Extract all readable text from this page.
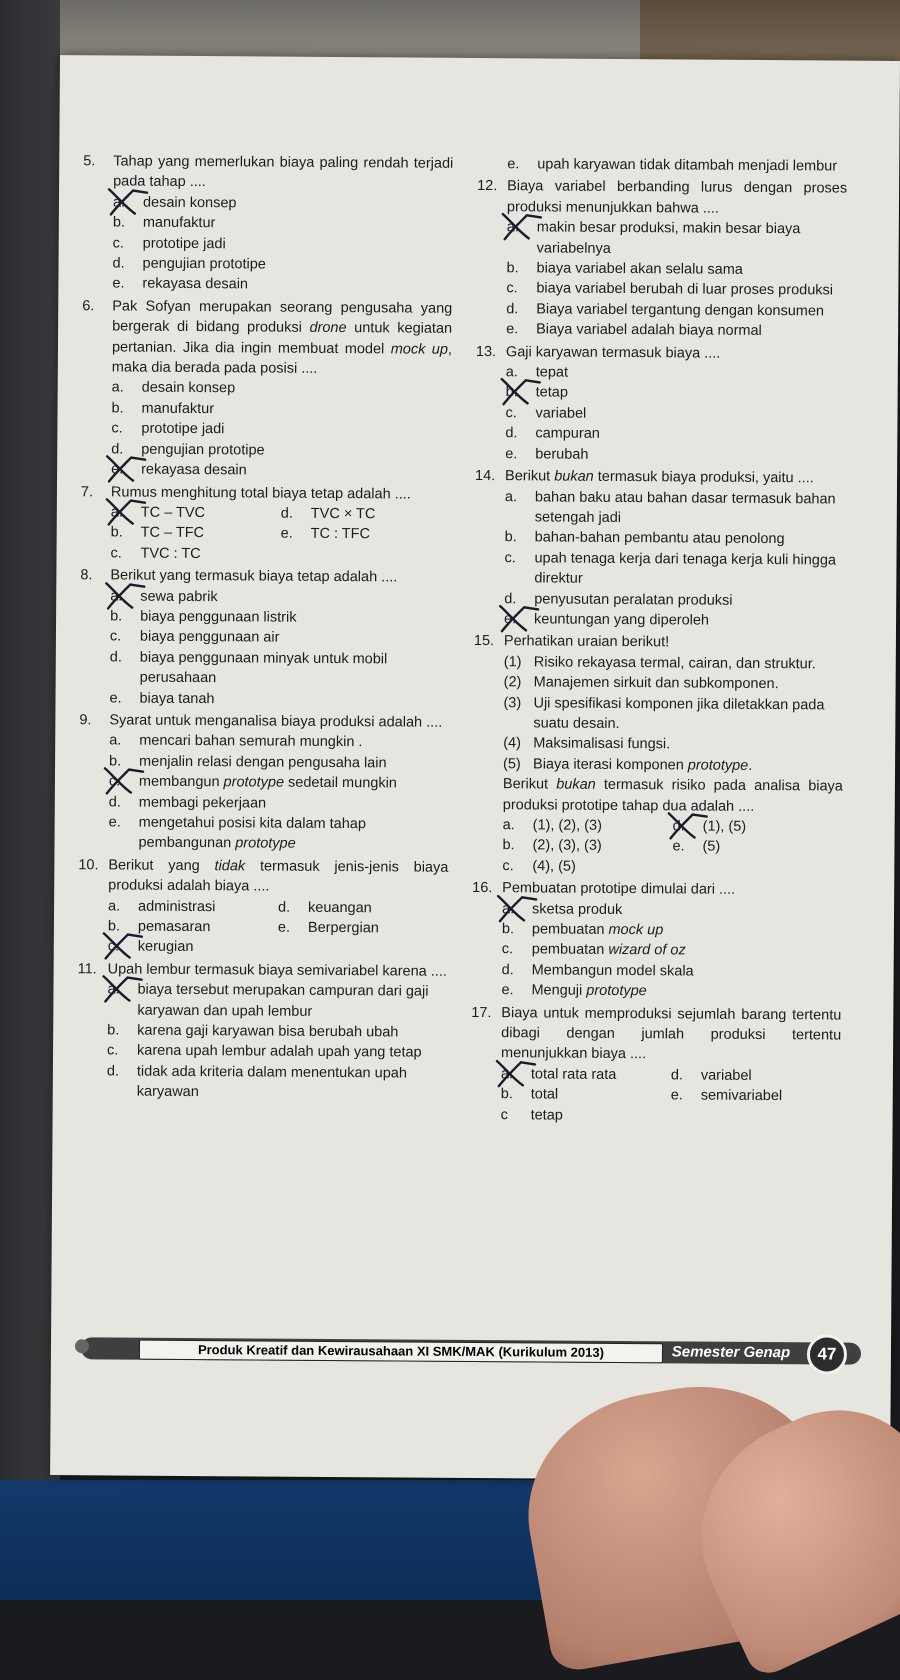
5.	Tahap yang memerlukan biaya paling rendah terjadi pada tahap ....
a.	desain konsep
b.	manufaktur
c.	prototipe jadi
d.	pengujian prototipe
e.	rekayasa desain
6.	Pak Sofyan merupakan seorang pengusaha yang bergerak di bidang produksi drone untuk kegiatan pertanian. Jika dia ingin membuat model mock up, maka dia berada pada posisi ....
a.	desain konsep
b.	manufaktur
c.	prototipe jadi
d.	pengujian prototipe
e.	rekayasa desain
7.	Rumus menghitung total biaya tetap adalah ....
a.	TC – TVC	d.	TVC × TC
b.	TC – TFC	e.	TC : TFC
c.	TVC : TC
8.	Berikut yang termasuk biaya tetap adalah ....
a.	sewa pabrik
b.	biaya penggunaan listrik
c.	biaya penggunaan air
d.	biaya penggunaan minyak untuk mobil perusahaan
e.	biaya tanah
9.	Syarat untuk menganalisa biaya produksi adalah ....
a.	mencari bahan semurah mungkin .
b.	menjalin relasi dengan pengusaha lain
c.	membangun prototype sedetail mungkin
d.	membagi pekerjaan
e.	mengetahui posisi kita dalam tahap pembangunan prototype
10. Berikut yang tidak termasuk jenis-jenis biaya produksi adalah biaya ....
a.	administrasi	d.	keuangan
b.	pemasaran	e.	Berpergian
c.	kerugian
11. Upah lembur termasuk biaya semivariabel karena ....
a.	biaya tersebut merupakan campuran dari gaji karyawan dan upah lembur
b.	karena gaji karyawan bisa berubah ubah
c.	karena upah lembur adalah upah yang tetap
d.	tidak ada kriteria dalam menentukan upah karyawan
e.	upah karyawan tidak ditambah menjadi lembur
12. Biaya variabel berbanding lurus dengan proses produksi menunjukkan bahwa ....
a.	makin besar produksi, makin besar biaya variabelnya
b.	biaya variabel akan selalu sama
c.	biaya variabel berubah di luar proses produksi
d.	Biaya variabel tergantung dengan konsumen
e.	Biaya variabel adalah biaya normal
13. Gaji karyawan termasuk biaya ....
a.	tepat
b.	tetap
c.	variabel
d.	campuran
e.	berubah
14. Berikut bukan termasuk biaya produksi, yaitu ....
a.	bahan baku atau bahan dasar termasuk bahan setengah jadi
b.	bahan-bahan pembantu atau penolong
c.	upah tenaga kerja dari tenaga kerja kuli hingga direktur
d.	penyusutan peralatan produksi
e.	keuntungan yang diperoleh
15. Perhatikan uraian berikut!
(1) Risiko rekayasa termal, cairan, dan struktur.
(2) Manajemen sirkuit dan subkomponen.
(3) Uji spesifikasi komponen jika diletakkan pada suatu desain.
(4) Maksimalisasi fungsi.
(5) Biaya iterasi komponen prototype.
Berikut bukan termasuk risiko pada analisa biaya produksi prototipe tahap dua adalah ....
a.	(1), (2), (3)	d.	(1), (5)
b.	(2), (3), (3)	e.	(5)
c.	(4), (5)
16. Pembuatan prototipe dimulai dari ....
a.	sketsa produk
b.	pembuatan mock up
c.	pembuatan wizard of oz
d.	Membangun model skala
e.	Menguji prototype
17. Biaya untuk memproduksi sejumlah barang tertentu dibagi dengan jumlah produksi tertentu menunjukkan biaya ....
a.	total rata rata	d.	variabel
b.	total	e.	semivariabel
c	tetap
Produk Kreatif dan Kewirausahaan XI SMK/MAK (Kurikulum 2013)	Semester Genap	47
